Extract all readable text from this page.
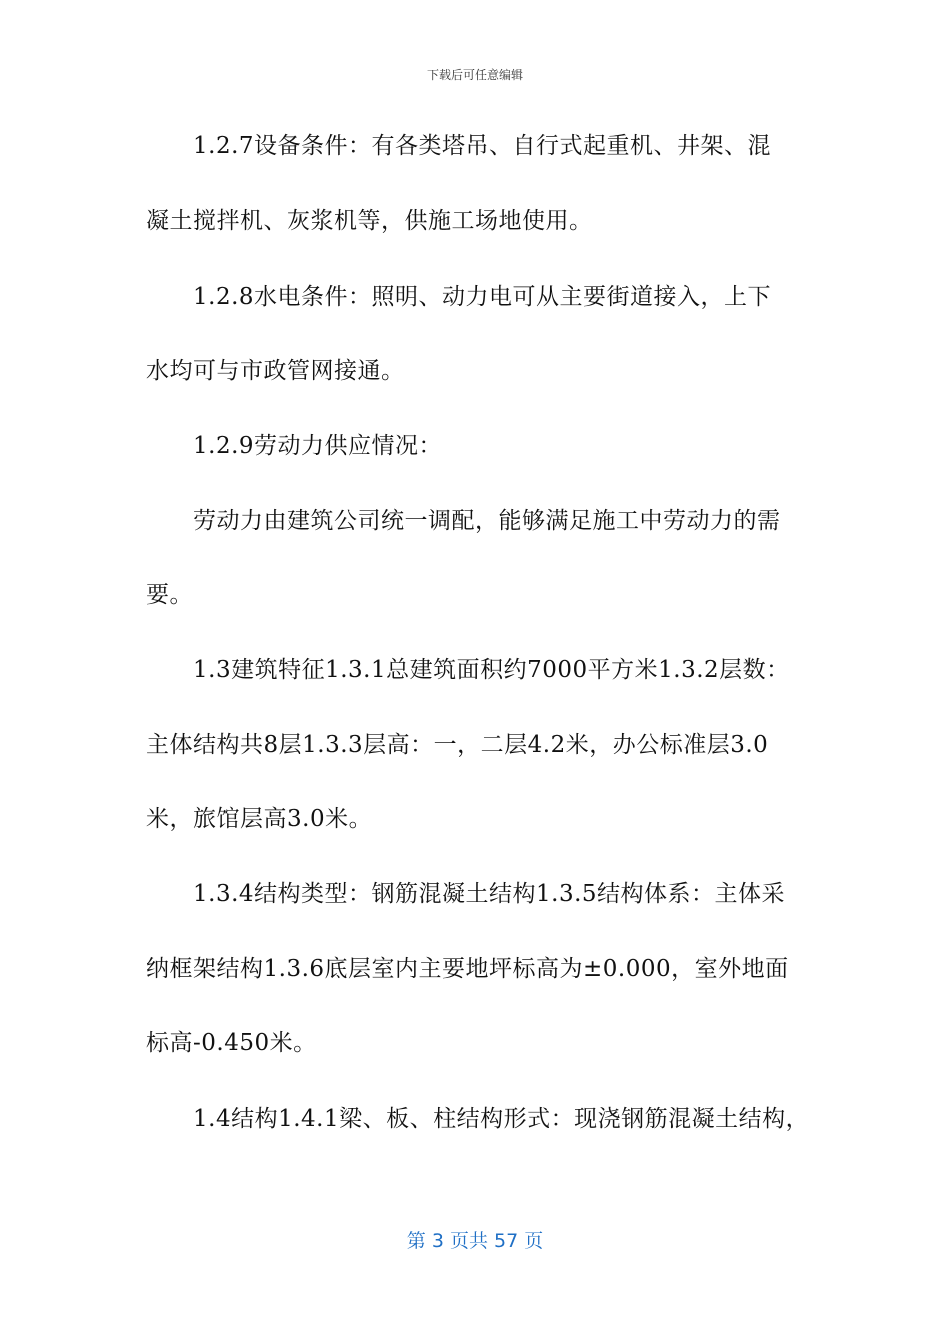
下载后可任意编辑
1.2.7设备条件：有各类塔吊、自行式起重机、井架、混
凝土搅拌机、灰浆机等，供施工场地使用。
1.2.8水电条件：照明、动力电可从主要街道接入，上下
水均可与市政管网接通。
1.2.9劳动力供应情况：
劳动力由建筑公司统一调配，能够满足施工中劳动力的需
要。
1.3建筑特征1.3.1总建筑面积约7000平方米1.3.2层数：
主体结构共8层1.3.3层高：一，二层4.2米，办公标准层3.0
米，旅馆层高3.0米。
1.3.4结构类型：钢筋混凝土结构1.3.5结构体系：主体采
纳框架结构1.3.6底层室内主要地坪标高为±0.000，室外地面
标高-0.450米。
1.4结构1.4.1梁、板、柱结构形式：现浇钢筋混凝土结构，
第 3 页共 57 页
